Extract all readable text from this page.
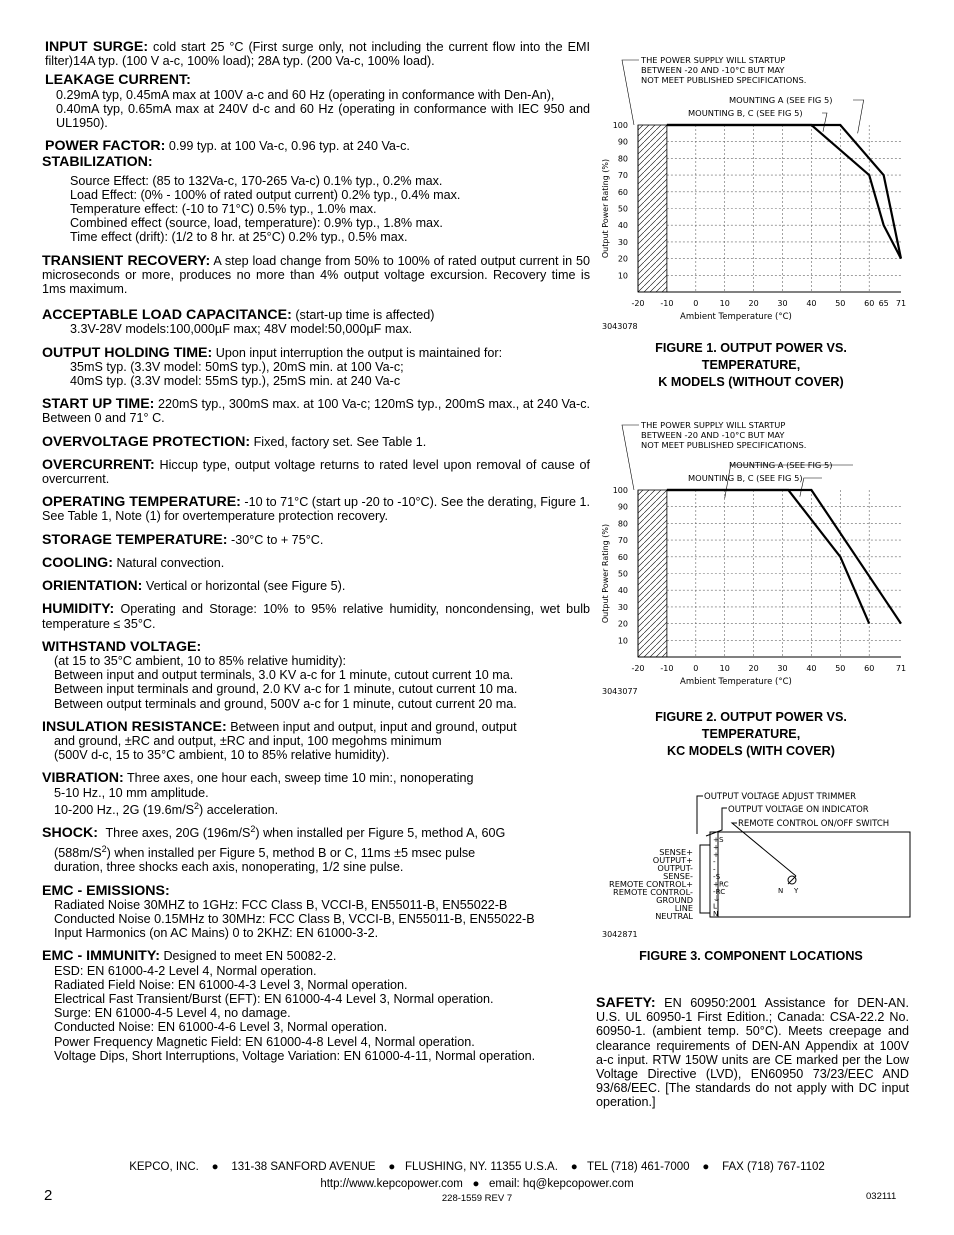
INPUT SURGE: cold start 25 °C (First surge only, not including the current flow into the EMI filter)14A typ. (100 V a-c, 100% load); 28A typ. (200 Va-c, 100% load).
LEAKAGE CURRENT:
0.29mA typ, 0.45mA max at 100V a-c and 60 Hz (operating in conformance with Den-An),
0.40mA typ, 0.65mA max at 240V d-c and 60 Hz (operating in conformance with IEC 950 and UL1950).
POWER FACTOR: 0.99 typ. at 100 Va-c, 0.96 typ. at 240 Va-c.
STABILIZATION:
Source Effect: (85 to 132Va-c, 170-265 Va-c) 0.1% typ., 0.2% max.
Load Effect: (0% - 100% of rated output current) 0.2% typ., 0.4% max.
Temperature effect: (-10 to 71°C) 0.5% typ., 1.0% max.
Combined effect (source, load, temperature): 0.9% typ., 1.8% max.
Time effect (drift): (1/2 to 8 hr. at 25°C) 0.2% typ., 0.5% max.
TRANSIENT RECOVERY: A step load change from 50% to 100% of rated output current in 50 microseconds or more, produces no more than 4% output voltage excursion. Recovery time is 1ms maximum.
ACCEPTABLE LOAD CAPACITANCE: (start-up time is affected)
3.3V-28V models:100,000µF max; 48V model:50,000µF max.
OUTPUT HOLDING TIME: Upon input interruption the output is maintained for:
35mS typ. (3.3V model: 50mS typ.), 20mS min. at 100 Va-c;
40mS typ. (3.3V model: 55mS typ.), 25mS min. at 240 Va-c
START UP TIME: 220mS typ., 300mS max. at 100 Va-c; 120mS typ., 200mS max., at 240 Va-c. Between 0 and 71° C.
OVERVOLTAGE PROTECTION: Fixed, factory set. See Table 1.
OVERCURRENT: Hiccup type, output voltage returns to rated level upon removal of cause of overcurrent.
OPERATING TEMPERATURE: -10 to 71°C (start up -20 to -10°C). See the derating, Figure 1. See Table 1, Note (1) for overtemperature protection recovery.
STORAGE TEMPERATURE: -30°C to + 75°C.
COOLING: Natural convection.
ORIENTATION: Vertical or horizontal (see Figure 5).
HUMIDITY: Operating and Storage: 10% to 95% relative humidity, noncondensing, wet bulb temperature ≤ 35°C.
WITHSTAND VOLTAGE:
(at 15 to 35°C ambient, 10 to 85% relative humidity):
Between input and output terminals, 3.0 KV a-c for 1 minute, cutout current 10 ma.
Between input terminals and ground, 2.0 KV a-c for 1 minute, cutout current 10 ma.
Between output terminals and ground, 500V a-c for 1 minute, cutout current 20 ma.
INSULATION RESISTANCE: Between input and output, input and ground, output
and ground, ±RC and output, ±RC and input, 100 megohms minimum
(500V d-c, 15 to 35°C ambient, 10 to 85% relative humidity).
VIBRATION: Three axes, one hour each, sweep time 10 min:, nonoperating
5-10 Hz., 10 mm amplitude.
10-200 Hz., 2G $(19.6m/S^2)$ acceleration.
SHOCK: Three axes, 20G $(196m/S^2)$ when installed per Figure 5, method A, 60G
$(588m/S^2)$ when installed per Figure 5, method B or C, 11ms ±5 msec pulse
duration, three shocks each axis, nonoperating, 1/2 sine pulse.
EMC - EMISSIONS:
Radiated Noise 30MHZ to 1GHz: FCC Class B, VCCI-B, EN55011-B, EN55022-B
Conducted Noise 0.15MHz to 30MHz: FCC Class B, VCCI-B, EN55011-B, EN55022-B
Input Harmonics (on AC Mains) 0 to 2KHZ: EN 61000-3-2.
EMC - IMMUNITY: Designed to meet EN 50082-2.
ESD: EN 61000-4-2 Level 4, Normal operation.
Radiated Field Noise: EN 61000-4-3 Level 3, Normal operation.
Electrical Fast Transient/Burst (EFT): EN 61000-4-4 Level 3, Normal operation.
Surge: EN 61000-4-5 Level 4, no damage.
Conducted Noise: EN 61000-4-6 Level 3, Normal operation.
Power Frequency Magnetic Field: EN 61000-4-8 Level 4, Normal operation.
Voltage Dips, Short Interruptions, Voltage Variation: EN 61000-4-11, Normal operation.
100
90
80
70
60
50
40
30
20
10
-20 -10 0	10 20 30 40 50 60 65 71
Output Power Rating (%)
Ambient Temperature (°C)
3043078
THE POWER SUPPLY WILL STARTUP
BETWEEN -20 AND -10°C BUT MAY
NOT MEET PUBLISHED SPECIFICATIONS.
MOUNTING A (SEE FIG 5)
MOUNTING B, C (SEE FIG 5)
FIGURE 1. OUTPUT POWER VS.
TEMPERATURE,
K MODELS (WITHOUT COVER)
100
90
80
70
60
50
40
30
20
10
-20 -10 0	10 20 30 40 50 60	71
Output Power Rating (%)
Ambient Temperature (°C)
3043077
THE POWER SUPPLY WILL STARTUP
BETWEEN -20 AND -10°C BUT MAY
NOT MEET PUBLISHED SPECIFICATIONS.
MOUNTING A (SEE FIG 5)
MOUNTING B, C (SEE FIG 5)
FIGURE 2. OUTPUT POWER VS.
TEMPERATURE,
KC MODELS (WITH COVER)
OUTPUT VOLTAGE ADJUST TRIMMER
OUTPUT VOLTAGE ON INDICATOR
REMOTE CONTROL ON/OFF SWITCH
N Y
3042871
SENSE+
OUTPUT+
OUTPUT-
SENSE-
REMOTE CONTROL+
REMOTE CONTROL-
GROUND
LINE
NEUTRAL
+S
+
+
-
-
-S
+RC
-RC
⏚
L
N
FIGURE 3. COMPONENT LOCATIONS
SAFETY: EN 60950:2001 Assistance for DEN-AN. U.S. UL 60950-1 First Edition.; Canada: CSA-22.2 No. 60950-1. (ambient temp. 50°C). Meets creepage and clearance requirements of DEN-AN Appendix at 100V a-c input. RTW 150W units are CE marked per the Low Voltage Directive (LVD), EN60950 73/23/EEC AND 93/68/EEC. [The standards do not apply with DC input operation.]
KEPCO, INC. ● 131-38 SANFORD AVENUE ● FLUSHING, NY. 11355 U.S.A. ● TEL (718) 461-7000 ● FAX (718) 767-1102
http://www.kepcopower.com ● email: hq@kepcopower.com
228-1559 REV 7
2	032111
